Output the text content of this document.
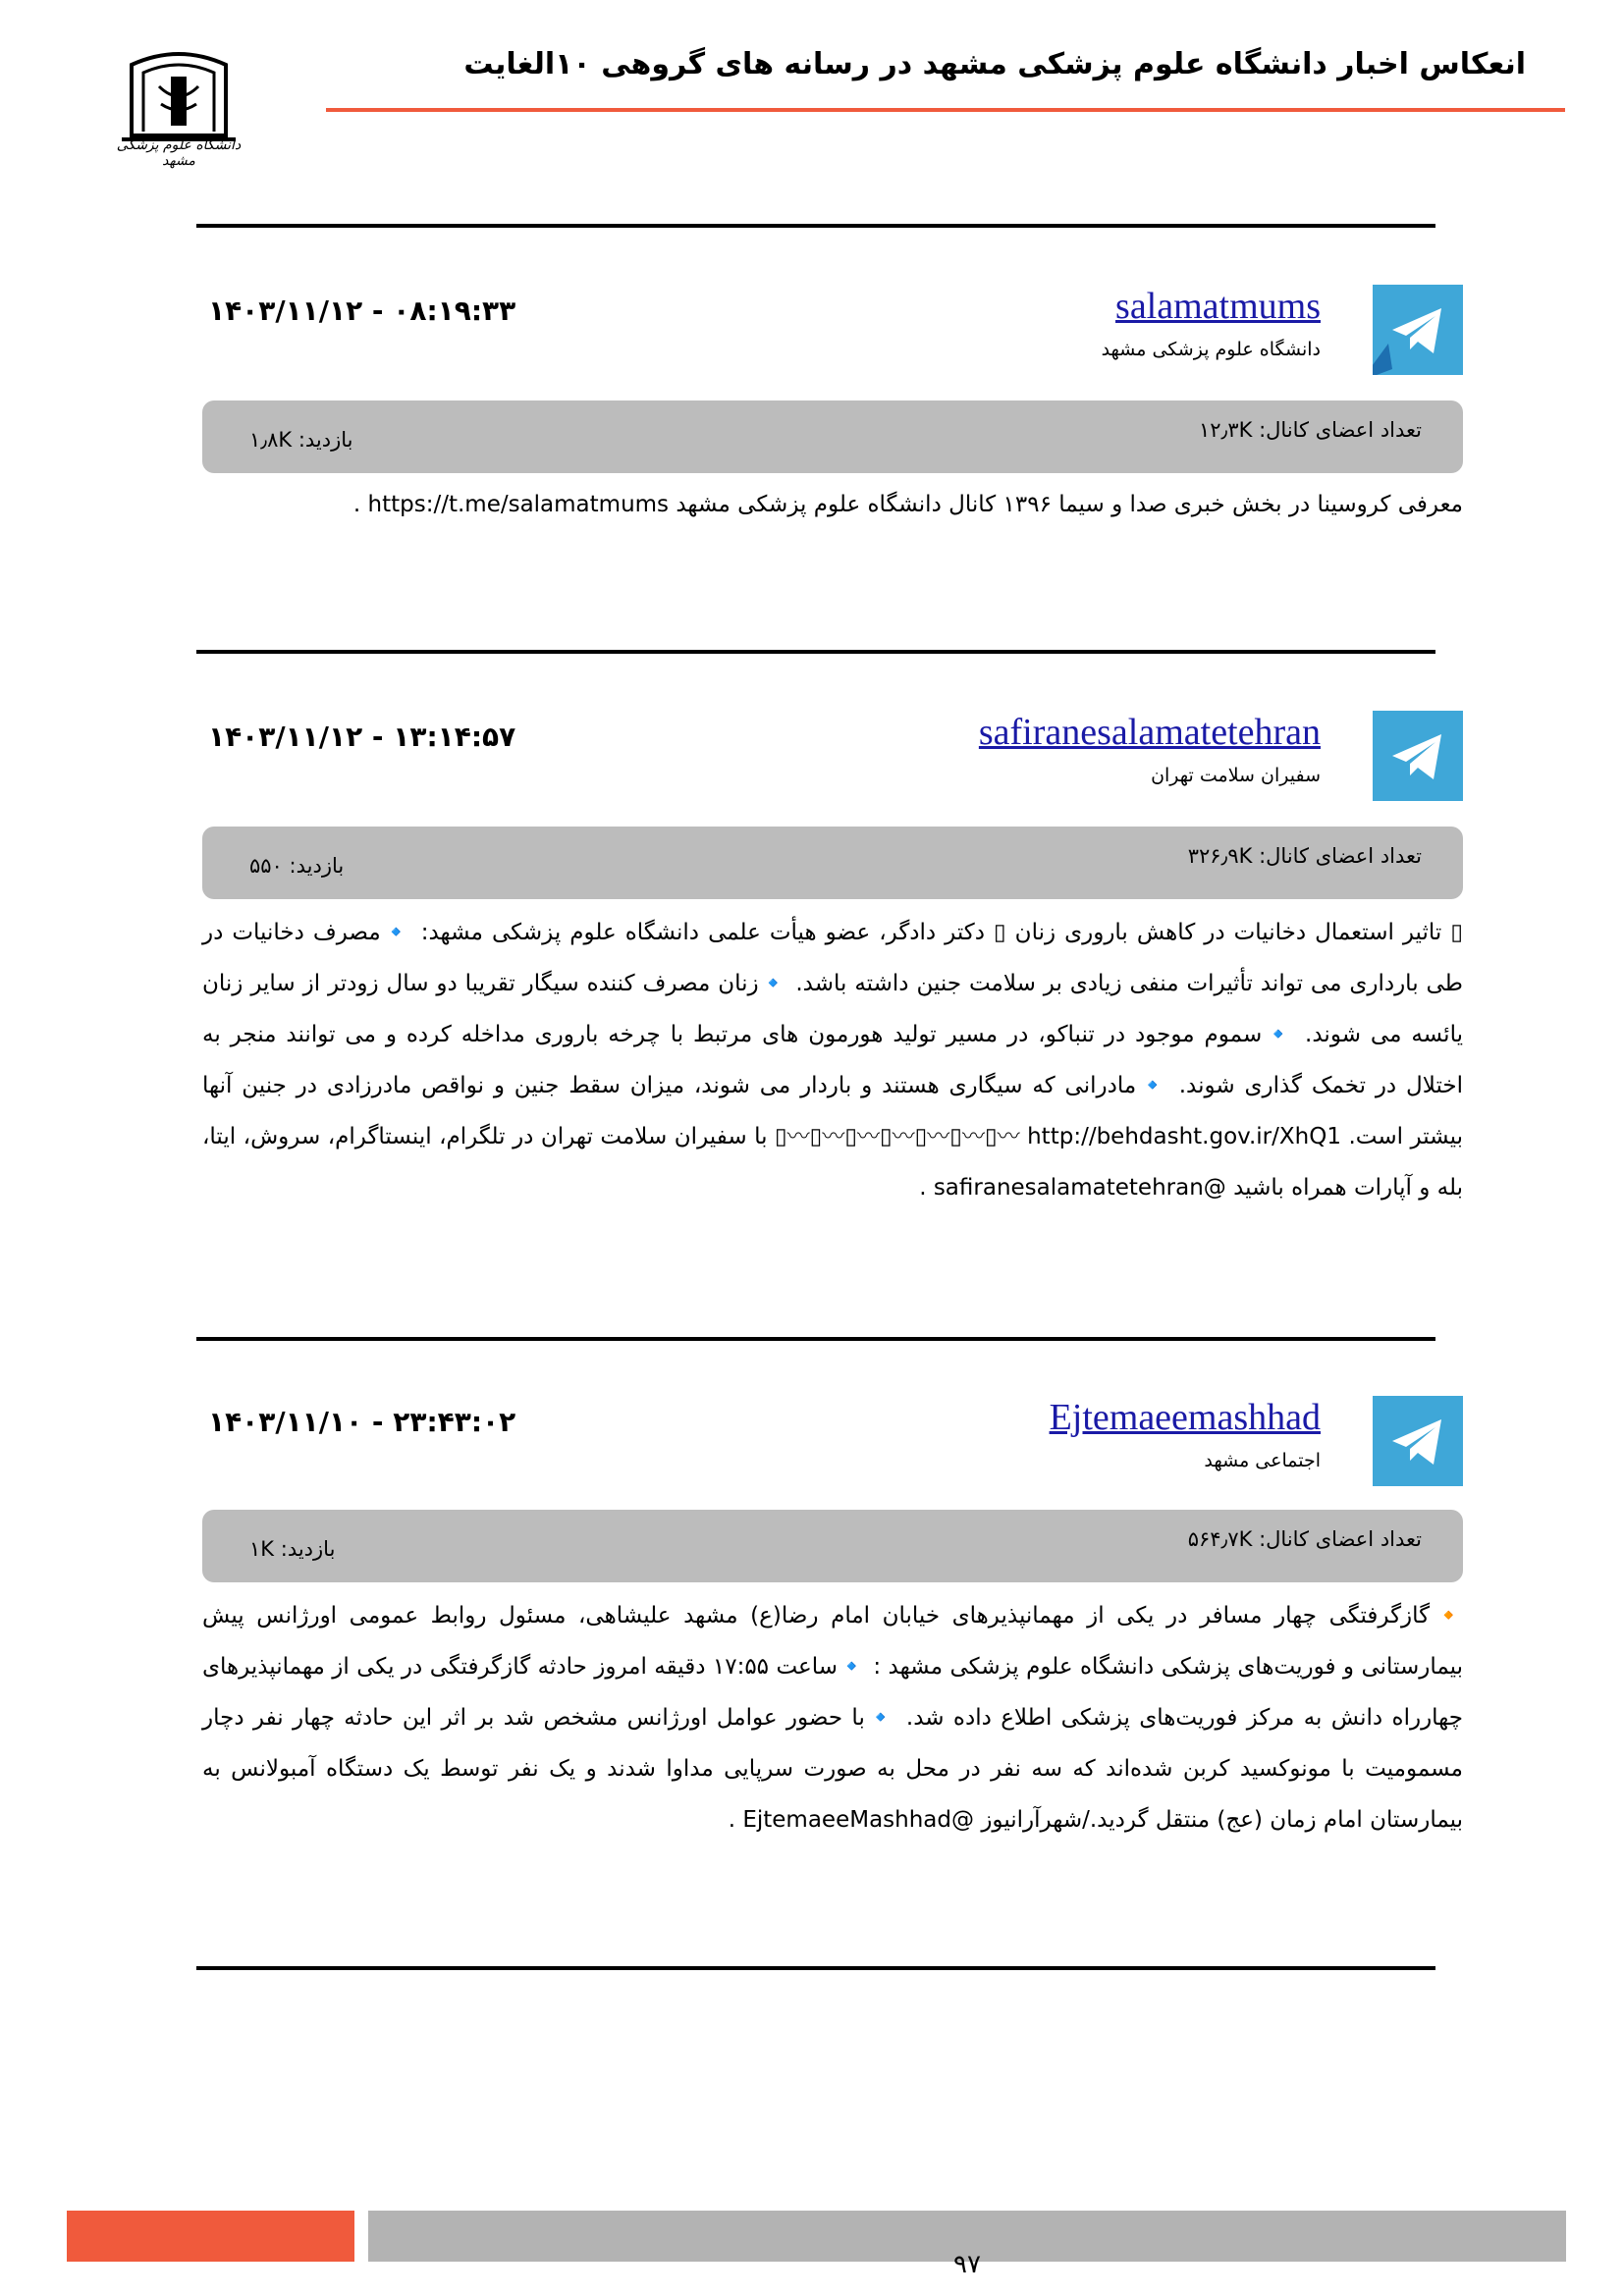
انعکاس اخبار دانشگاه علوم پزشکی مشهد در رسانه های گروهی ۱۰الغایت
دانشگاه علوم پزشکی مشهد
salamatmums
دانشگاه علوم پزشکی مشهد
۱۴۰۳/۱۱/۱۲ - ۰۸:۱۹:۳۳
تعداد اعضای کانال: ۱۲٫۳K
بازدید: ۱٫۸K
معرفی کروسینا در بخش خبری صدا و سیما ۱۳۹۶ کانال دانشگاه علوم پزشکی مشهد https://t.me/salamatmums .
safiranesalamatetehran
سفیران سلامت تهران
۱۴۰۳/۱۱/۱۲ - ۱۳:۱۴:۵۷
تعداد اعضای کانال: ۳۲۶٫۹K
بازدید: ۵۵۰
▯ تاثیر استعمال دخانیات در کاهش باروری زنان ▯ دکتر دادگر، عضو هیأت علمی دانشگاه علوم پزشکی مشهد: 🔹مصرف دخانیات در طی بارداری می تواند تأثیرات منفی زیادی بر سلامت جنین داشته باشد. 🔹زنان مصرف کننده سیگار تقریبا دو سال زودتر از سایر زنان یائسه می شوند. 🔹سموم موجود در تنباکو، در مسیر تولید هورمون های مرتبط با چرخه باروری مداخله کرده و می توانند منجر به اختلال در تخمک گذاری شوند. 🔹مادرانی که سیگاری هستند و باردار می شوند، میزان سقط جنین و نواقص مادرزادی در جنین آنها بیشتر است. http://behdasht.gov.ir/XhQ1 〰▯〰▯〰▯〰▯〰▯〰▯〰▯ با سفیران سلامت تهران در تلگرام، اینستاگرام، سروش، ایتا، بله و آپارات همراه باشید @safiranesalamatetehran .
Ejtemaeemashhad
اجتماعی مشهد
۱۴۰۳/۱۱/۱۰ - ۲۳:۴۳:۰۲
تعداد اعضای کانال: ۵۶۴٫۷K
بازدید: ۱K
🔸گازگرفتگی چهار مسافر در یکی از مهمانپذیرهای خیابان امام رضا(ع) مشهد علیشاهی، مسئول روابط عمومی اورژانس پیش بیمارستانی و فوریت‌های پزشکی دانشگاه علوم پزشکی مشهد : 🔹ساعت ۱۷:۵۵ دقیقه امروز حادثه گازگرفتگی در یکی از مهمانپذیرهای چهارراه دانش به مرکز فوریت‌های پزشکی اطلاع داده شد. 🔹با حضور عوامل اورژانس مشخص شد بر اثر این حادثه چهار نفر دچار مسمومیت با مونوکسید کربن شده‌اند که سه نفر در محل به صورت سرپایی مداوا شدند و یک نفر توسط یک دستگاه آمبولانس به بیمارستان امام زمان (عج) منتقل گردید./شهرآرانیوز @EjtemaeeMashhad .
۹۷
